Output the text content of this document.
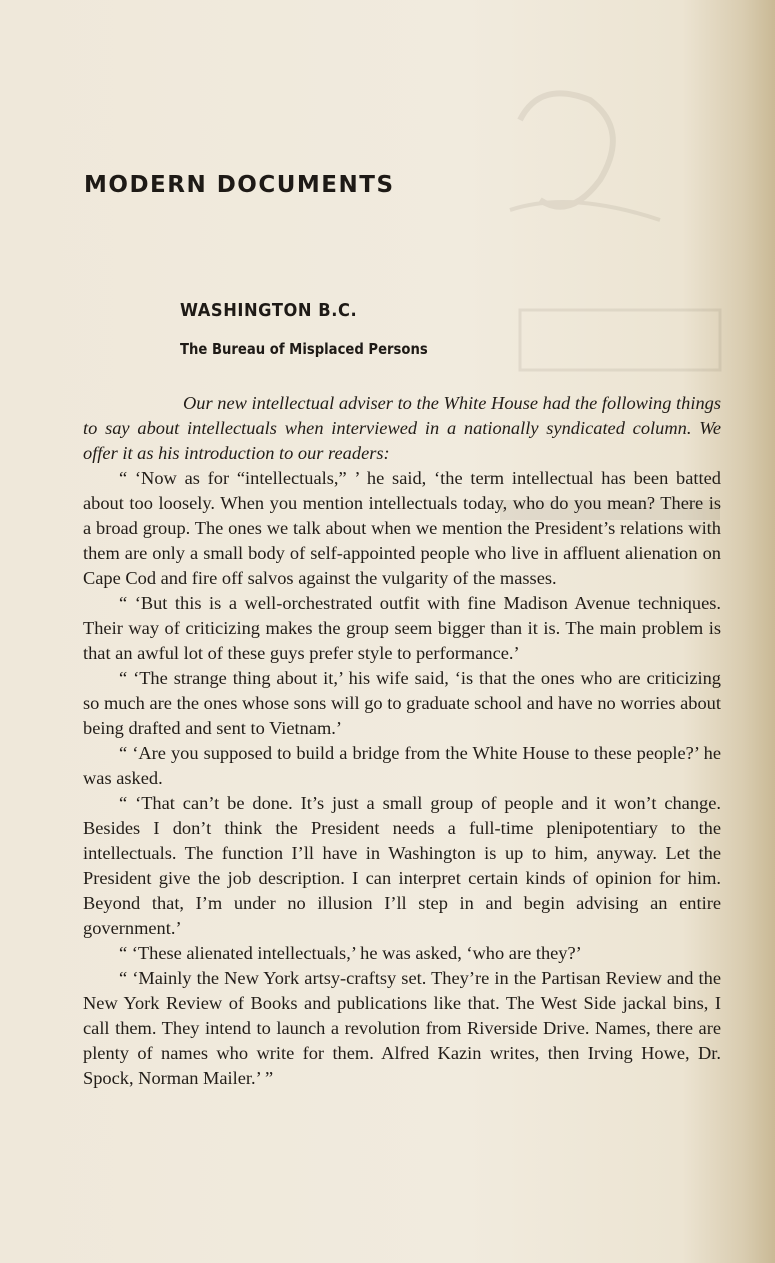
MODERN DOCUMENTS
WASHINGTON B.C.
The Bureau of Misplaced Persons

Our new intellectual adviser to the White House had the following things to say about intellectuals when interviewed in a nationally syndicated column. We offer it as his introduction to our readers:

“ ‘Now as for “intellectuals,” ’ he said, ‘the term intellectual has been batted about too loosely. When you mention intellectuals today, who do you mean? There is a broad group. The ones we talk about when we mention the President’s relations with them are only a small body of self-appointed people who live in affluent alienation on Cape Cod and fire off salvos against the vulgarity of the masses.

“ ‘But this is a well-orchestrated outfit with fine Madison Avenue techniques. Their way of criticizing makes the group seem bigger than it is. The main problem is that an awful lot of these guys prefer style to performance.’

“ ‘The strange thing about it,’ his wife said, ‘is that the ones who are criticizing so much are the ones whose sons will go to graduate school and have no worries about being drafted and sent to Vietnam.’

“ ‘Are you supposed to build a bridge from the White House to these people?’ he was asked.

“ ‘That can’t be done. It’s just a small group of people and it won’t change. Besides I don’t think the President needs a full-time plenipotentiary to the intellectuals. The function I’ll have in Washington is up to him, anyway. Let the President give the job description. I can interpret certain kinds of opinion for him. Beyond that, I’m under no illusion I’ll step in and begin advising an entire government.’

“ ‘These alienated intellectuals,’ he was asked, ‘who are they?’

“ ‘Mainly the New York artsy-craftsy set. They’re in the Partisan Review and the New York Review of Books and publications like that. The West Side jackal bins, I call them. They intend to launch a revolution from Riverside Drive. Names, there are plenty of names who write for them. Alfred Kazin writes, then Irving Howe, Dr. Spock, Norman Mailer.’ ”
